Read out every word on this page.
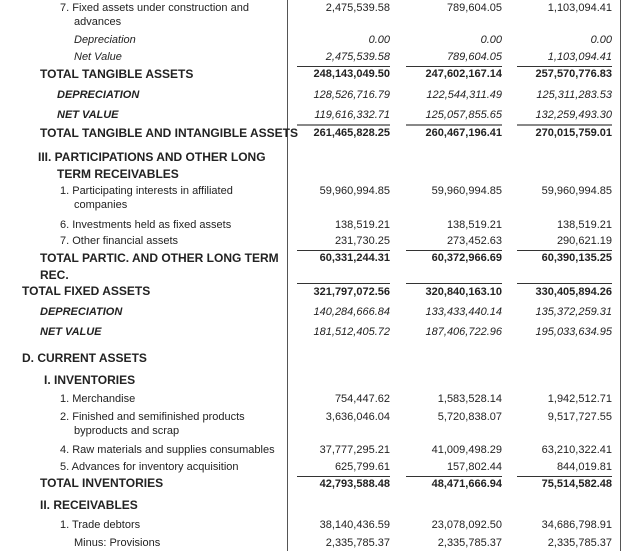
7. Fixed assets under construction and
advances
2,475,539.58	789,604.05	1,103,094.41
Depreciation	0.00	0.00	0.00
Net Value	2,475,539.58	789,604.05	1,103,094.41
TOTAL TANGIBLE ASSETS	248,143,049.50	247,602,167.14	257,570,776.83
DEPRECIATION	128,526,716.79	122,544,311.49	125,311,283.53
NET VALUE	119,616,332.71	125,057,855.65	132,259,493.30
TOTAL TANGIBLE AND INTANGIBLE ASSETS	261,465,828.25	260,467,196.41	270,015,759.01
III. PARTICIPATIONS AND OTHER LONG
TERM RECEIVABLES
1. Participating interests in affiliated
companies
59,960,994.85	59,960,994.85	59,960,994.85
6. Investments held as fixed assets	138,519.21	138,519.21	138,519.21
7. Other financial assets	231,730.25	273,452.63	290,621.19
TOTAL PARTIC. AND OTHER LONG TERM
REC.
60,331,244.31	60,372,966.69	60,390,135.25
TOTAL FIXED ASSETS	321,797,072.56	320,840,163.10	330,405,894.26
DEPRECIATION	140,284,666.84	133,433,440.14	135,372,259.31
NET VALUE	181,512,405.72	187,406,722.96	195,033,634.95
D. CURRENT ASSETS
I. INVENTORIES
1. Merchandise	754,447.62	1,583,528.14	1,942,512.71
2. Finished and semifinished products
byproducts and scrap
3,636,046.04	5,720,838.07	9,517,727.55
4. Raw materials and supplies consumables	37,777,295.21	41,009,498.29	63,210,322.41
5. Advances for inventory acquisition	625,799.61	157,802.44	844,019.81
TOTAL INVENTORIES	42,793,588.48	48,471,666.94	75,514,582.48
II. RECEIVABLES
1. Trade debtors	38,140,436.59	23,078,092.50	34,686,798.91
Minus: Provisions	2,335,785.37	2,335,785.37	2,335,785.37
